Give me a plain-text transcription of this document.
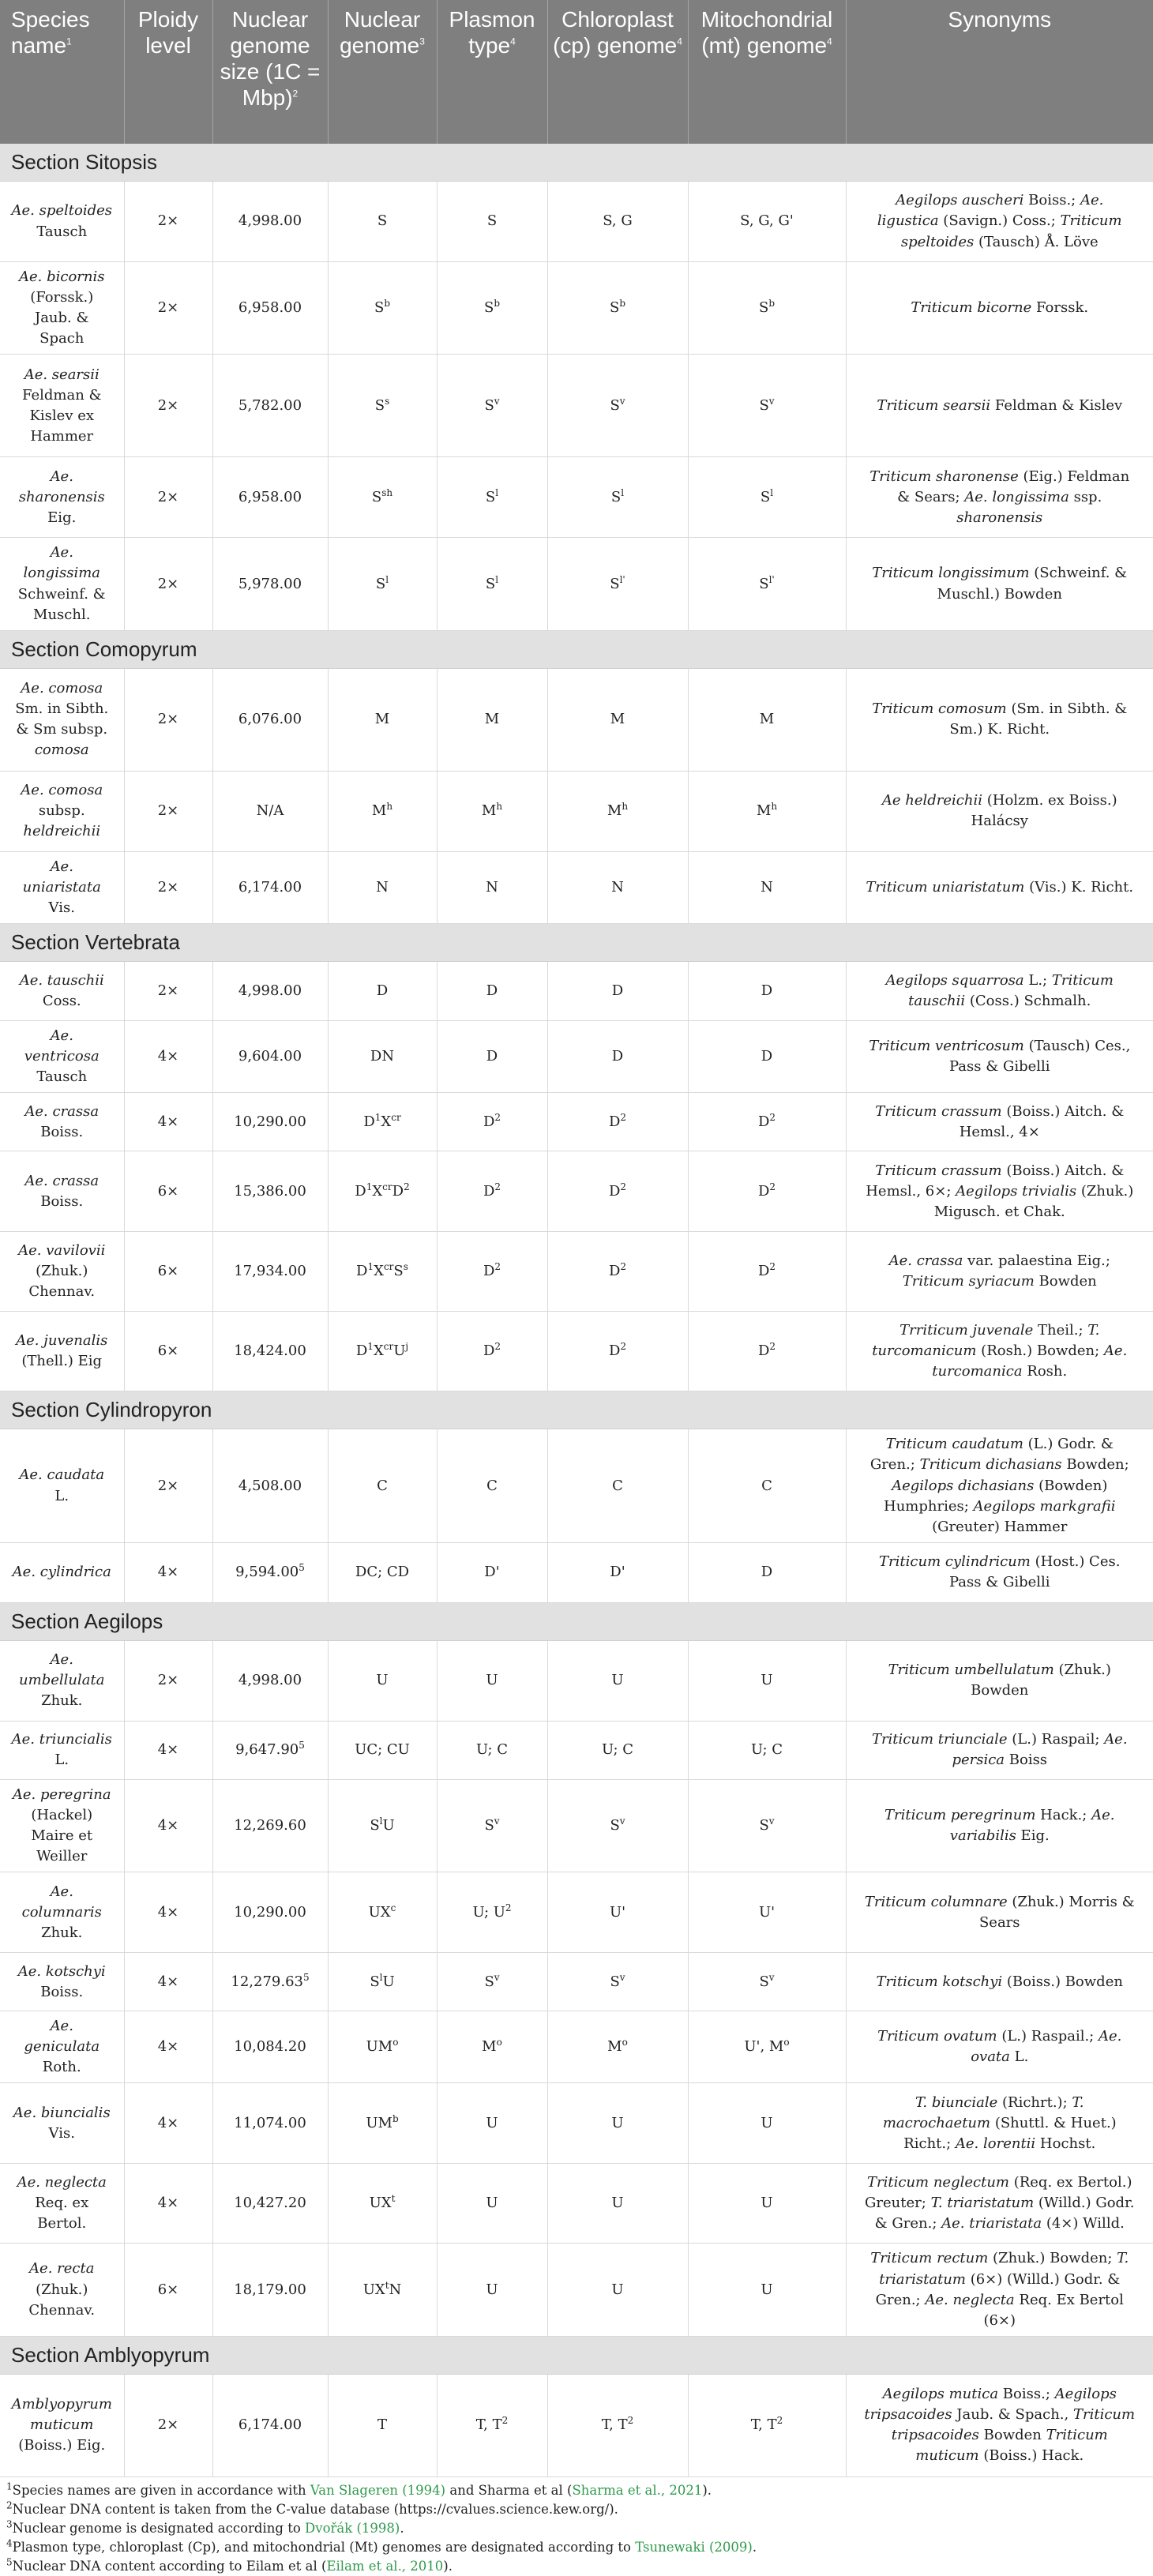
Species name$^1$	Ploidy level	Nuclear genome size (1C = Mbp)$^2$	Nuclear genome$^3$	Plasmon type$^4$	Chloroplast (cp) genome$^4$	Mitochondrial (mt) genome$^4$	Synonyms
Section Sitopsis							
Ae. speltoides Tausch	2×	4,998.00	S	S	S, G	S, G, G'	Aegilops auscheri Boiss.; Ae. ligustica (Savign.) Coss.; Triticum speltoides (Tausch) Å. Löve
Ae. bicornis (Forssk.) Jaub. & Spach	2×	6,958.00	$S^b$	$S^b$	$S^b$	$S^b$	Triticum bicorne Forssk.
Ae. searsii Feldman & Kislev ex Hammer	2×	5,782.00	$S^s$	$S^v$	$S^v$	$S^v$	Triticum searsii Feldman & Kislev
Ae. sharonensis Eig.	2×	6,958.00	$S^{sh}$	$S^l$	$S^l$	$S^l$	Triticum sharonense (Eig.) Feldman & Sears; Ae. longissima ssp. sharonensis
Ae. longissima Schweinf. & Muschl.	2×	5,978.00	$S^l$	$S^l$	$S^{l'}$	$S^{l'}$	Triticum longissimum (Schweinf. & Muschl.) Bowden
Section Comopyrum							
Ae. comosa Sm. in Sibth. & Sm subsp. comosa	2×	6,076.00	M	M	M	M	Triticum comosum (Sm. in Sibth. & Sm.) K. Richt.
Ae. comosa subsp. heldreichii	2×	N/A	$M^h$	$M^h$	$M^h$	$M^h$	Ae heldreichii (Holzm. ex Boiss.) Halácsy
Ae. uniaristata Vis.	2×	6,174.00	N	N	N	N	Triticum uniaristatum (Vis.) K. Richt.
Section Vertebrata							
Ae. tauschii Coss.	2×	4,998.00	D	D	D	D	Aegilops squarrosa L.; Triticum tauschii (Coss.) Schmalh.
Ae. ventricosa Tausch	4×	9,604.00	DN	D	D	D	Triticum ventricosum (Tausch) Ces., Pass & Gibelli
Ae. crassa Boiss.	4×	10,290.00	$D^1X^{cr}$	$D^2$	$D^2$	$D^2$	Triticum crassum (Boiss.) Aitch. & Hemsl., 4×
Ae. crassa Boiss.	6×	15,386.00	$D^1X^{cr}D^2$	$D^2$	$D^2$	$D^2$	Triticum crassum (Boiss.) Aitch. & Hemsl., 6×; Aegilops trivialis (Zhuk.) Migusch. et Chak.
Ae. vavilovii (Zhuk.) Chennav.	6×	17,934.00	$D^1X^{cr}S^s$	$D^2$	$D^2$	$D^2$	Ae. crassa var. palaestina Eig.; Triticum syriacum Bowden
Ae. juvenalis (Thell.) Eig	6×	18,424.00	$D^1X^{cr}U^j$	$D^2$	$D^2$	$D^2$	Trriticum juvenale Theil.; T. turcomanicum (Rosh.) Bowden; Ae. turcomanica Rosh.
Section Cylindropyron							
Ae. caudata L.	2×	4,508.00	C	C	C	C	Triticum caudatum (L.) Godr. & Gren.; Triticum dichasians Bowden; Aegilops dichasians (Bowden) Humphries; Aegilops markgrafii (Greuter) Hammer
Ae. cylindrica	4×	$9,594.00^5$	DC; CD	D'	D'	D	Triticum cylindricum (Host.) Ces. Pass & Gibelli
Section Aegilops							
Ae. umbellulata Zhuk.	2×	4,998.00	U	U	U	U	Triticum umbellulatum (Zhuk.) Bowden
Ae. triuncialis L.	4×	$9,647.90^5$	UC; CU	U; C	U; C	U; C	Triticum triunciale (L.) Raspail; Ae. persica Boiss
Ae. peregrina (Hackel) Maire et Weiller	4×	12,269.60	$S^lU$	$S^v$	$S^v$	$S^v$	Triticum peregrinum Hack.; Ae. variabilis Eig.
Ae. columnaris Zhuk.	4×	10,290.00	$UX^c$	U; $U^2$	U'	U'	Triticum columnare (Zhuk.) Morris & Sears
Ae. kotschyi Boiss.	4×	$12,279.63^5$	$S^lU$	$S^v$	$S^v$	$S^v$	Triticum kotschyi (Boiss.) Bowden
Ae. geniculata Roth.	4×	10,084.20	$UM^o$	$M^o$	$M^o$	U', $M^o$	Triticum ovatum (L.) Raspail.; Ae. ovata L.
Ae. biuncialis Vis.	4×	11,074.00	$UM^b$	U	U	U	T. biunciale (Richrt.); T. macrochaetum (Shuttl. & Huet.) Richt.; Ae. lorentii Hochst.
Ae. neglecta Req. ex Bertol.	4×	10,427.20	$UX^t$	U	U	U	Triticum neglectum (Req. ex Bertol.) Greuter; T. triaristatum (Willd.) Godr. & Gren.; Ae. triaristata (4×) Willd.
Ae. recta (Zhuk.) Chennav.	6×	18,179.00	$UX^tN$	U	U	U	Triticum rectum (Zhuk.) Bowden; T. triaristatum (6×) (Willd.) Godr. & Gren.; Ae. neglecta Req. Ex Bertol (6×)
Section Amblyopyrum							
Amblyopyrum muticum (Boiss.) Eig.	2×	6,174.00	T	T, $T^2$	T, $T^2$	T, $T^2$	Aegilops mutica Boiss.; Aegilops tripsacoides Jaub. & Spach., Triticum tripsacoides Bowden Triticum muticum (Boiss.) Hack.
$^1$Species names are given in accordance with Van Slageren (1994) and Sharma et al (Sharma et al., 2021).
$^2$Nuclear DNA content is taken from the C-value database (https://cvalues.science.kew.org/).
$^3$Nuclear genome is designated according to Dvořák (1998).
$^4$Plasmon type, chloroplast (Cp), and mitochondrial (Mt) genomes are designated according to Tsunewaki (2009).
$^5$Nuclear DNA content according to Eilam et al (Eilam et al., 2010).
